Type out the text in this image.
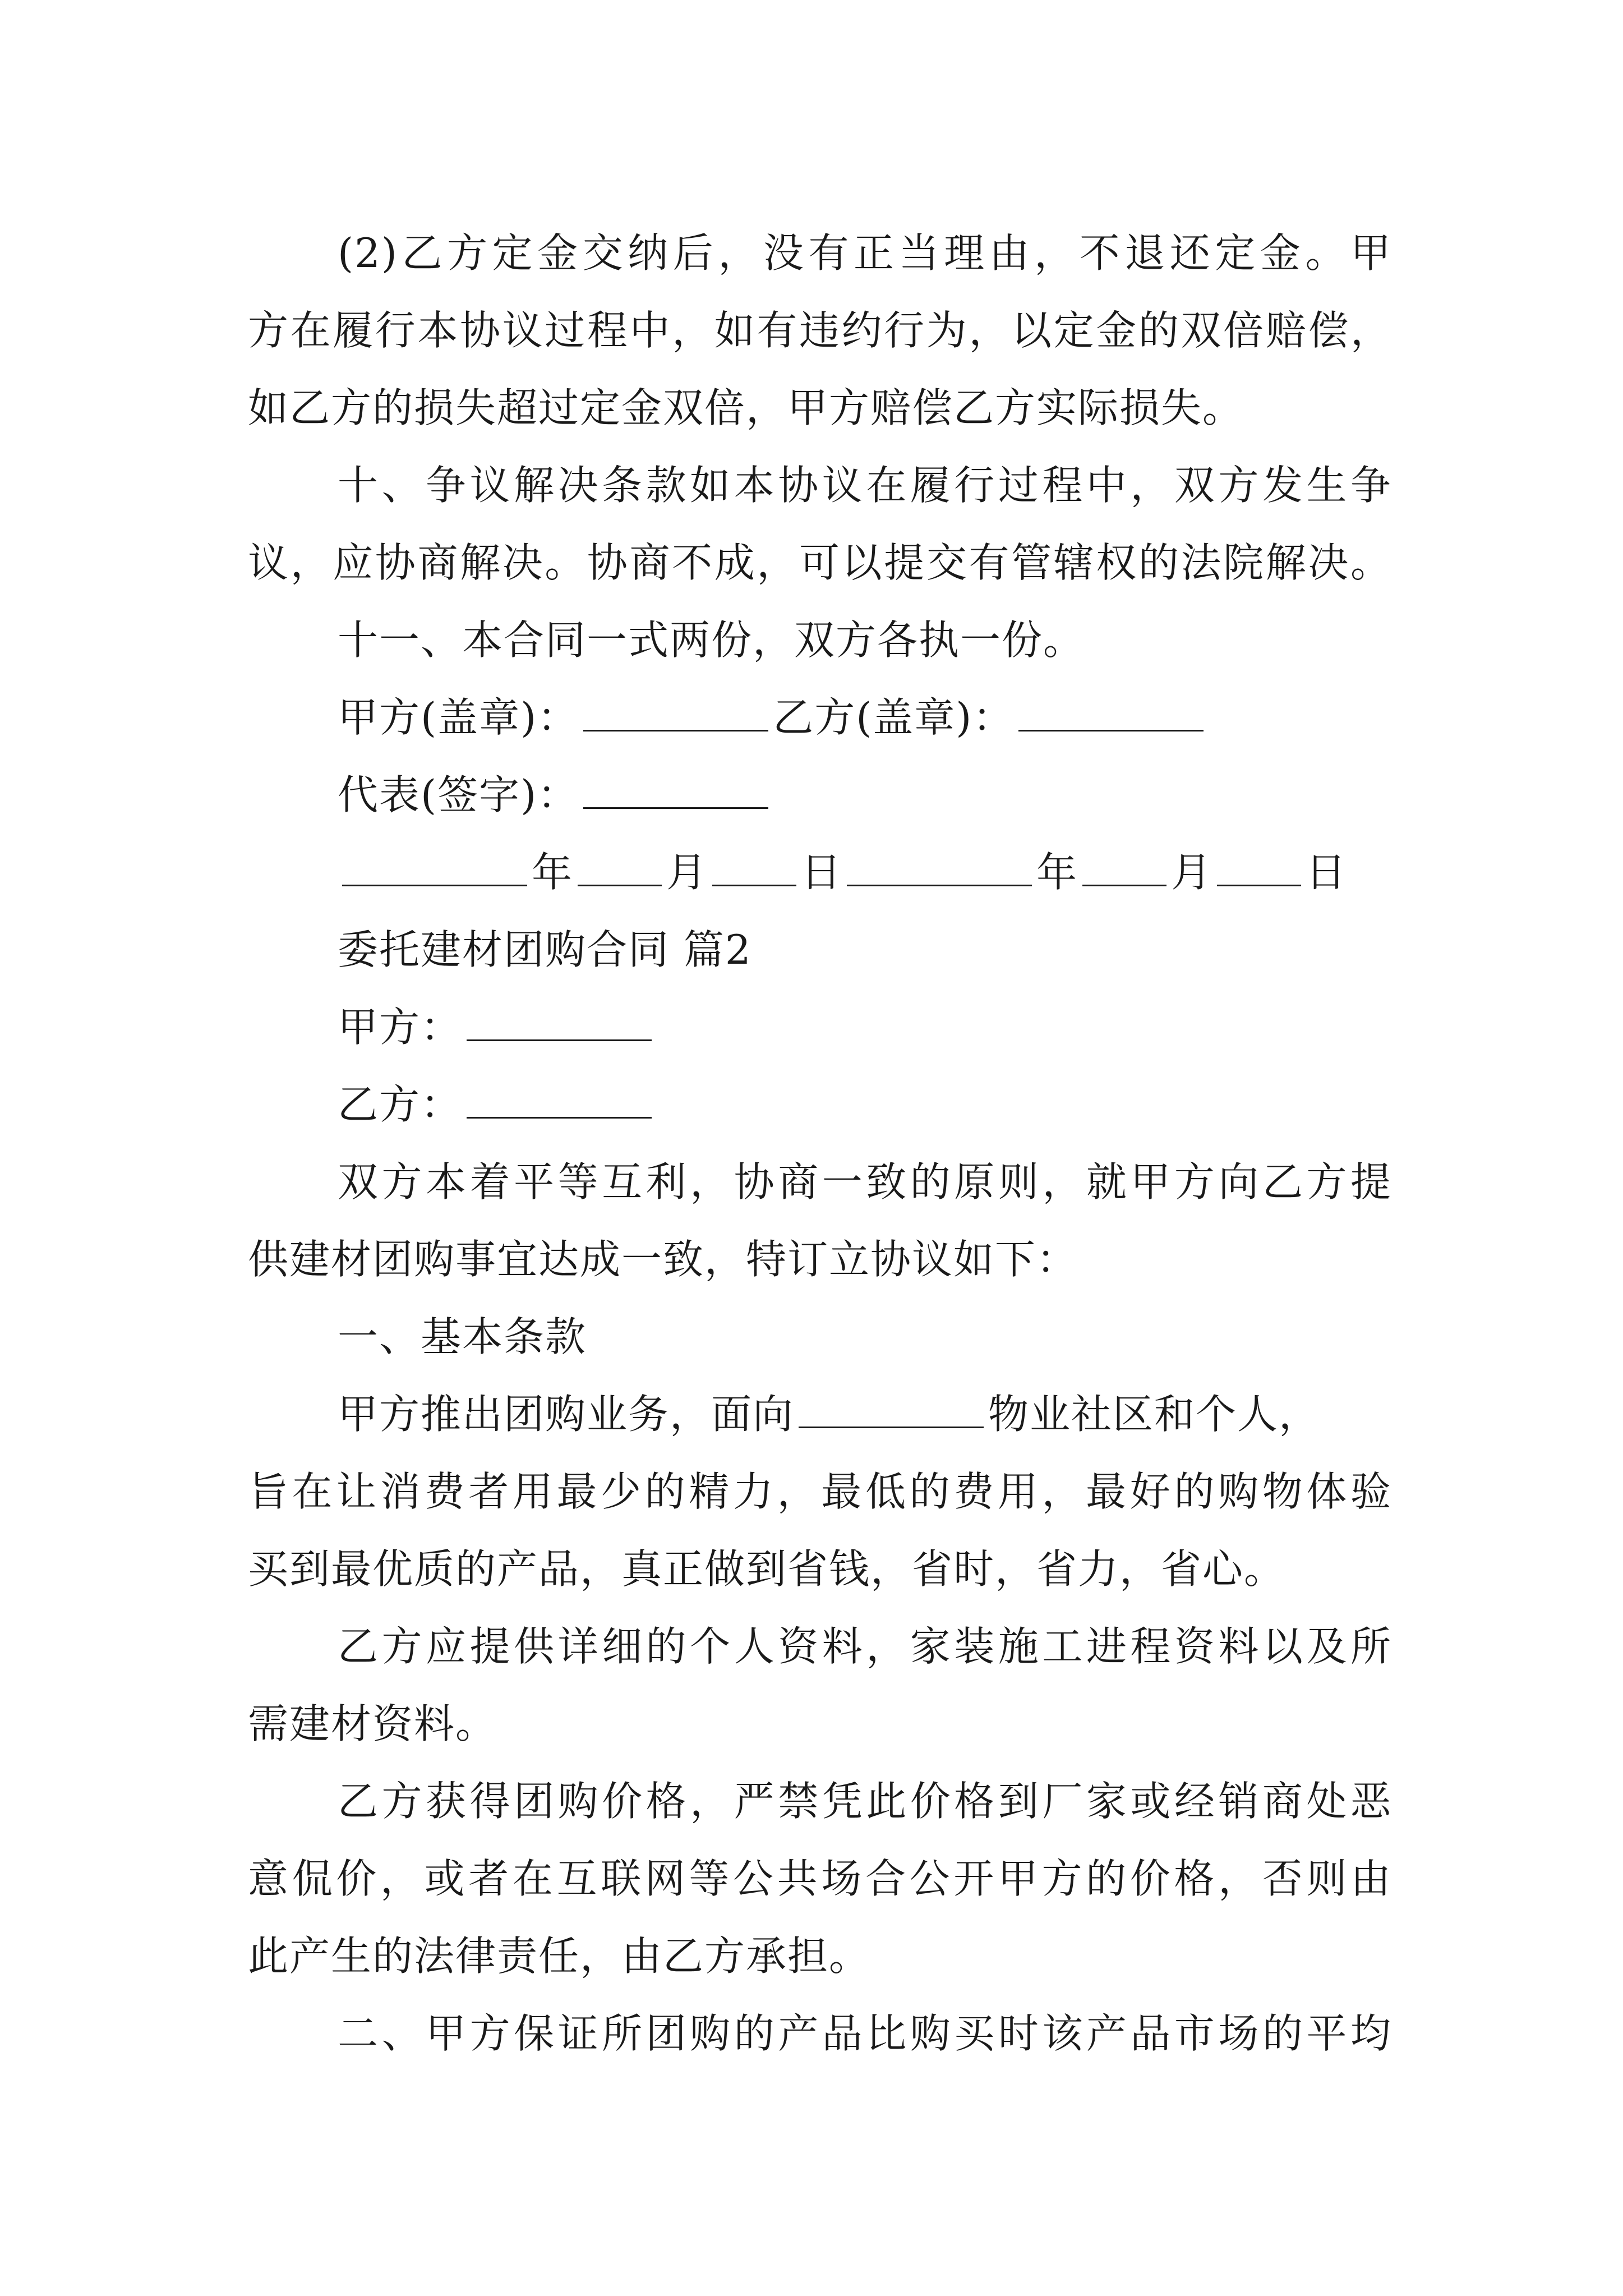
(2)乙方定金交纳后，没有正当理由，不退还定金。甲
方在履行本协议过程中，如有违约行为，以定金的双倍赔偿，
如乙方的损失超过定金双倍，甲方赔偿乙方实际损失。
十、争议解决条款如本协议在履行过程中，双方发生争
议，应协商解决。协商不成，可以提交有管辖权的法院解决。
十一、本合同一式两份，双方各执一份。
甲方(盖章)：	乙方(盖章)：
代表(签字)：
年 月 日	年 月 日
委托建材团购合同 篇2
甲方：
乙方：
双方本着平等互利，协商一致的原则，就甲方向乙方提
供建材团购事宜达成一致，特订立协议如下：
一、基本条款
甲方推出团购业务，面向	物业社区和个人，
旨在让消费者用最少的精力，最低的费用，最好的购物体验
买到最优质的产品，真正做到省钱，省时，省力，省心。
乙方应提供详细的个人资料，家装施工进程资料以及所
需建材资料。
乙方获得团购价格，严禁凭此价格到厂家或经销商处恶
意侃价，或者在互联网等公共场合公开甲方的价格，否则由
此产生的法律责任，由乙方承担。
二、甲方保证所团购的产品比购买时该产品市场的平均
